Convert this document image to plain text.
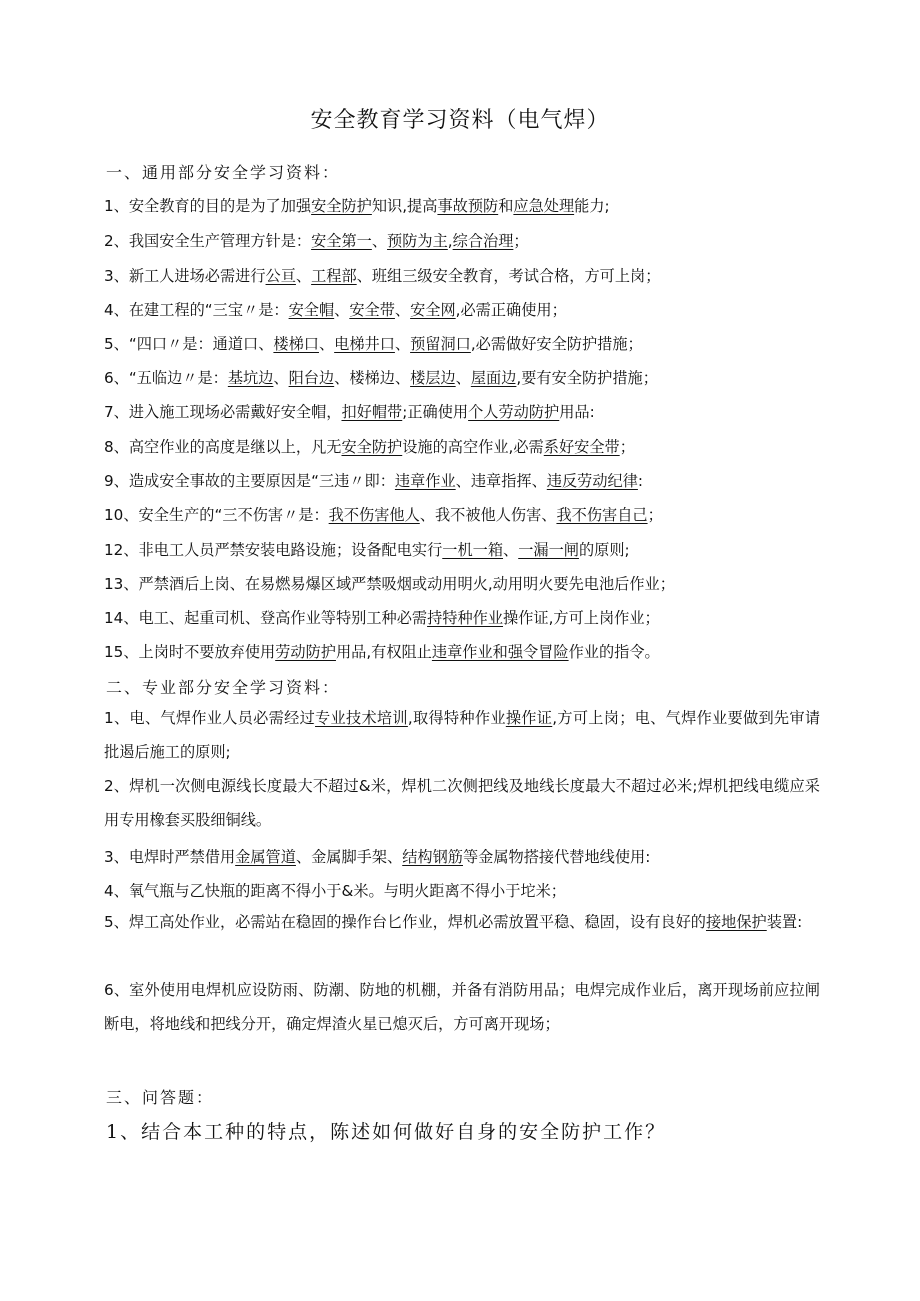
安全教育学习资料（电气焊）
一、通用部分安全学习资料：
1、安全教育的目的是为了加强安全防护知识,提高事故预防和应急处理能力;
2、我国安全生产管理方针是：安全第一、预防为主,综合治理；
3、新工人进场必需进行公亘、工程部、班组三级安全教育，考试合格，方可上岗；
4、在建工程的“三宝〃是：安全帽、安全带、安全网,必需正确使用；
5、“四口〃是：通道口、楼梯口、电梯井口、预留洞口,必需做好安全防护措施；
6、“五临边〃是：基坑边、阳台边、楼梯边、楼层边、屋面边,要有安全防护措施；
7、进入施工现场必需戴好安全帽，扣好帽带;正确使用个人劳动防护用品:
8、高空作业的高度是继以上，凡无安全防护设施的高空作业,必需系好安全带；
9、造成安全事故的主要原因是“三违〃即：违章作业、违章指挥、违反劳动纪律:
10、安全生产的“三不伤害〃是：我不伤害他人、我不被他人伤害、我不伤害自己；
12、非电工人员严禁安装电路设施；设备配电实行一机一箱、一漏一闸的原则;
13、严禁酒后上岗、在易燃易爆区域严禁吸烟或动用明火,动用明火要先电池后作业；
14、电工、起重司机、登高作业等特别工种必需持特种作业操作证,方可上岗作业；
15、上岗时不要放弃使用劳动防护用品,有权阻止违章作业和强令冒险作业的指令。
二、专业部分安全学习资料：
1、电、气焊作业人员必需经过专业技术培训,取得特种作业操作证,方可上岗；电、气焊作业要做到先审请批遏后施工的原则;
2、焊机一次侧电源线长度最大不超过&米，焊机二次侧把线及地线长度最大不超过必米;焊机把线电缆应采用专用橡套买股细铜线。
3、电焊时严禁借用金属管道、金属脚手架、结构钢筋等金属物搭接代替地线使用:
4、氧气瓶与乙快瓶的距离不得小于&米。与明火距离不得小于坨米；
5、焊工高处作业，必需站在稳固的操作台匕作业，焊机必需放置平稳、稳固，设有良好的接地保护装置:
6、室外使用电焊机应设防雨、防潮、防地的机棚，并备有消防用品；电焊完成作业后，离开现场前应拉闸断电，将地线和把线分开，确定焊渣火星已熄灭后，方可离开现场；
三、问答题：
1、结合本工种的特点，陈述如何做好自身的安全防护工作？
